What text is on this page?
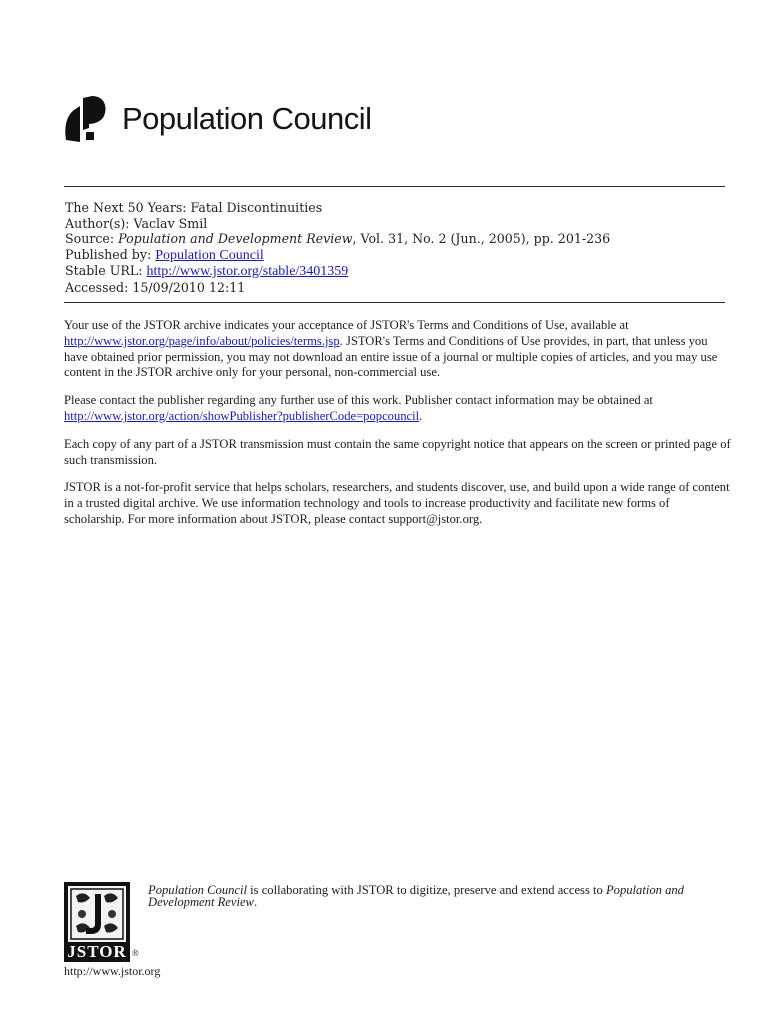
Population Council
The Next 50 Years: Fatal Discontinuities
Author(s): Vaclav Smil
Source: Population and Development Review, Vol. 31, No. 2 (Jun., 2005), pp. 201-236
Published by: Population Council
Stable URL: http://www.jstor.org/stable/3401359
Accessed: 15/09/2010 12:11

Your use of the JSTOR archive indicates your acceptance of JSTOR's Terms and Conditions of Use, available at
http://www.jstor.org/page/info/about/policies/terms.jsp. JSTOR's Terms and Conditions of Use provides, in part, that unless you have obtained prior permission, you may not download an entire issue of a journal or multiple copies of articles, and you may use content in the JSTOR archive only for your personal, non-commercial use.

Please contact the publisher regarding any further use of this work. Publisher contact information may be obtained at
http://www.jstor.org/action/showPublisher?publisherCode=popcouncil.

Each copy of any part of a JSTOR transmission must contain the same copyright notice that appears on the screen or printed page of such transmission.

JSTOR is a not-for-profit service that helps scholars, researchers, and students discover, use, and build upon a wide range of content in a trusted digital archive. We use information technology and tools to increase productivity and facilitate new forms of scholarship. For more information about JSTOR, please contact support@jstor.org.

JSTOR ®
http://www.jstor.org
Population Council is collaborating with JSTOR to digitize, preserve and extend access to Population and Development Review.
